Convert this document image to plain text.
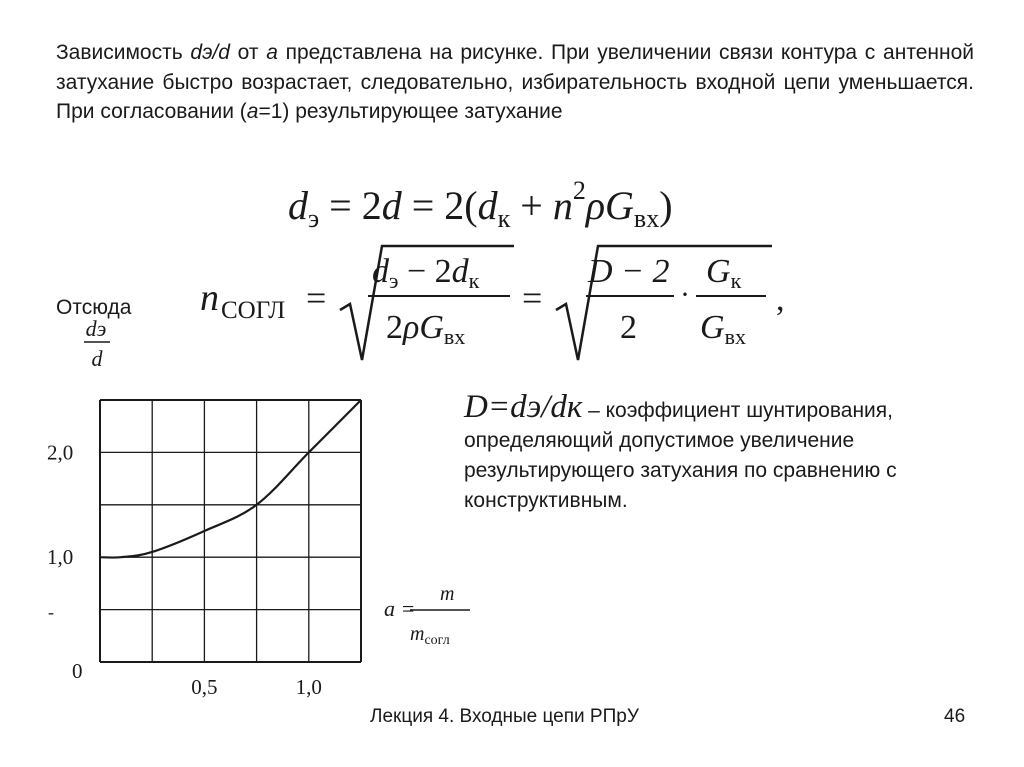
Зависимость dэ/d от a представлена на рисунке. При увеличении связи контура с антенной затухание быстро возрастает, следовательно, избирательность входной цепи уменьшается. При согласовании (a=1) результирующее затухание
$d_э = 2d = 2(d_к + n^2\rho G_{вх})$
Отсюда n СОГЛ =
dэ − 2dк
2ρGвх
=
D − 2
2
·
Gк
Gвх
,
D=dэ/dк – коэффициент шунтирования, определяющий допустимое увеличение результирующего затухания по сравнению с конструктивным.
dэ
d
1,0
2,0
0,5	1,0
0
a =
m
$m_{согл}$
-
Лекция 4. Входные цепи РПрУ	46
